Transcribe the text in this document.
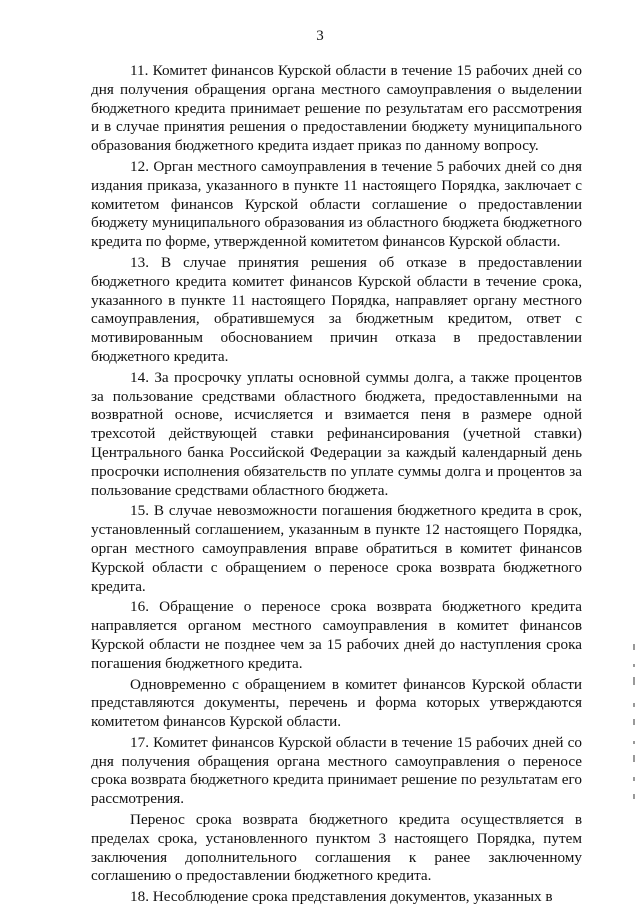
3

11. Комитет финансов Курской области в течение 15 рабочих дней со дня получения обращения органа местного самоуправления о выделении бюджетного кредита принимает решение по результатам его рассмотрения и в случае принятия решения о предоставлении бюджету муниципального образования бюджетного кредита издает приказ по данному вопросу.

12. Орган местного самоуправления в течение 5 рабочих дней со дня издания приказа, указанного в пункте 11 настоящего Порядка, заключает с комитетом финансов Курской области соглашение о предоставлении бюджету муниципального образования из областного бюджета бюджетного кредита по форме, утвержденной комитетом финансов Курской области.

13. В случае принятия решения об отказе в предоставлении бюджетного кредита комитет финансов Курской области в течение срока, указанного в пункте 11 настоящего Порядка, направляет органу местного самоуправления, обратившемуся за бюджетным кредитом, ответ с мотивированным обоснованием причин отказа в предоставлении бюджетного кредита.

14. За просрочку уплаты основной суммы долга, а также процентов за пользование средствами областного бюджета, предоставленными на возвратной основе, исчисляется и взимается пеня в размере одной трехсотой действующей ставки рефинансирования (учетной ставки) Центрального банка Российской Федерации за каждый календарный день просрочки исполнения обязательств по уплате суммы долга и процентов за пользование средствами областного бюджета.

15. В случае невозможности погашения бюджетного кредита в срок, установленный соглашением, указанным в пункте 12 настоящего Порядка, орган местного самоуправления вправе обратиться в комитет финансов Курской области с обращением о переносе срока возврата бюджетного кредита.

16. Обращение о переносе срока возврата бюджетного кредита направляется органом местного самоуправления в комитет финансов Курской области не позднее чем за 15 рабочих дней до наступления срока погашения бюджетного кредита.

Одновременно с обращением в комитет финансов Курской области представляются документы, перечень и форма которых утверждаются комитетом финансов Курской области.

17. Комитет финансов Курской области в течение 15 рабочих дней со дня получения обращения органа местного самоуправления о переносе срока возврата бюджетного кредита принимает решение по результатам его рассмотрения.

Перенос срока возврата бюджетного кредита осуществляется в пределах срока, установленного пунктом 3 настоящего Порядка, путем заключения дополнительного соглашения к ранее заключенному соглашению о предоставлении бюджетного кредита.

18. Несоблюдение срока представления документов, указанных в
